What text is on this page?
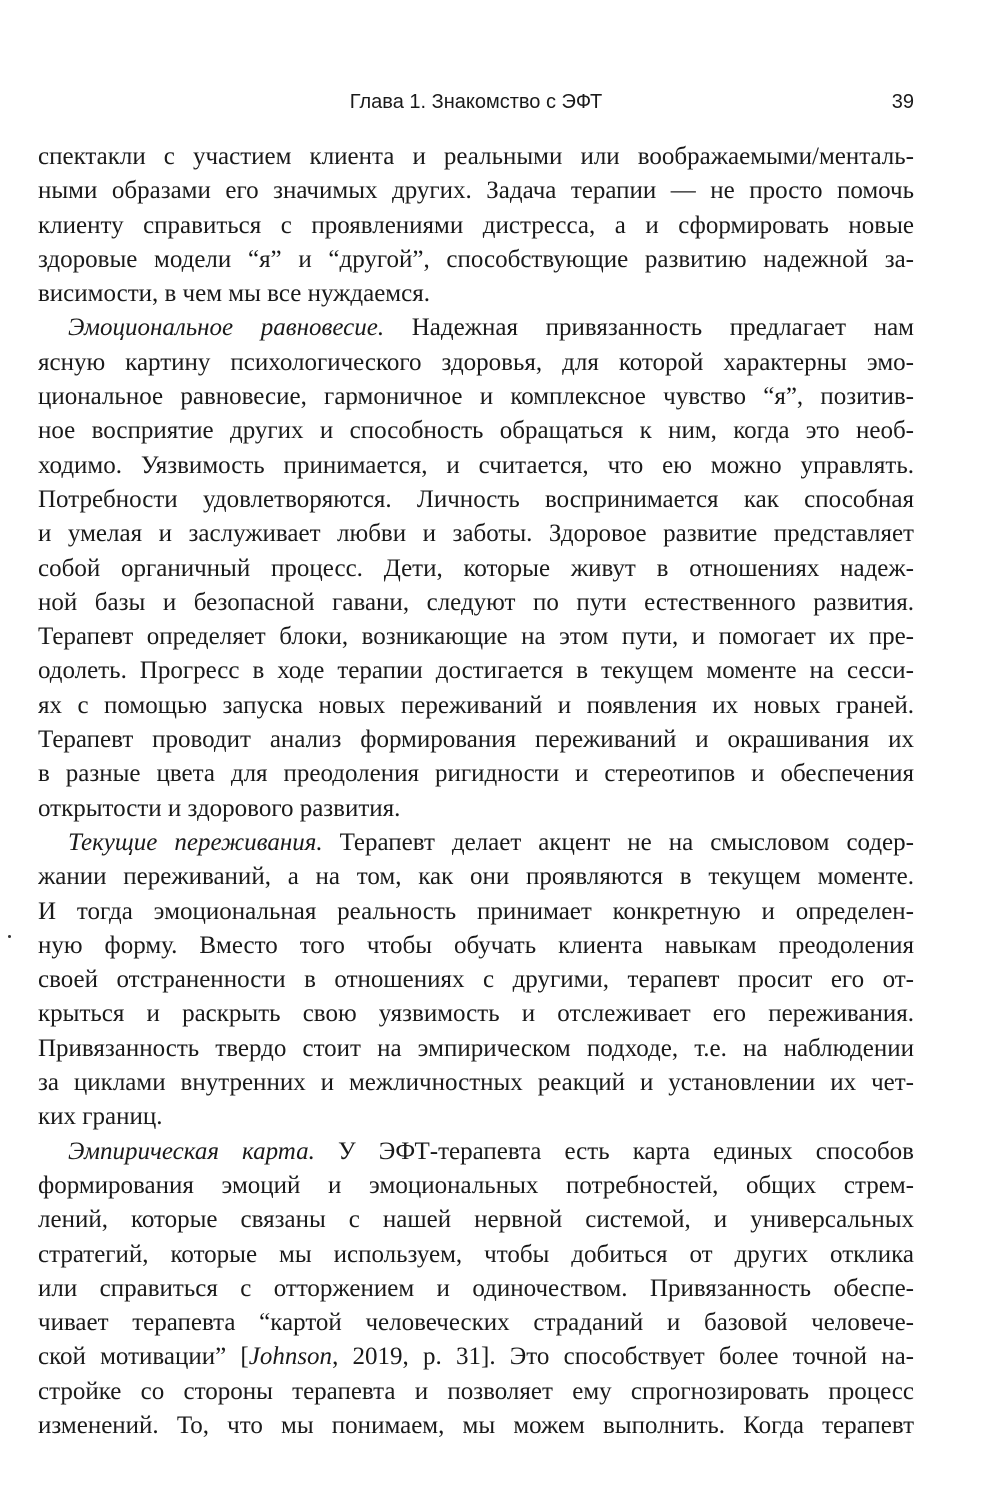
Глава 1. Знакомство с ЭФТ	39
спектакли с участием клиента и реальными или воображаемыми/менталь-
ными образами его значимых других. Задача терапии — не просто помочь
клиенту справиться с проявлениями дистресса, а и сформировать новые
здоровые модели “я” и “другой”, способствующие развитию надежной за-
висимости, в чем мы все нуждаемся.
Эмоциональное равновесие. Надежная привязанность предлагает нам
ясную картину психологического здоровья, для которой характерны эмо-
циональное равновесие, гармоничное и комплексное чувство “я”, позитив-
ное восприятие других и способность обращаться к ним, когда это необ-
ходимо. Уязвимость принимается, и считается, что ею можно управлять.
Потребности удовлетворяются. Личность воспринимается как способная
и умелая и заслуживает любви и заботы. Здоровое развитие представляет
собой органичный процесс. Дети, которые живут в отношениях надеж-
ной базы и безопасной гавани, следуют по пути естественного развития.
Терапевт определяет блоки, возникающие на этом пути, и помогает их пре-
одолеть. Прогресс в ходе терапии достигается в текущем моменте на сесси-
ях с помощью запуска новых переживаний и появления их новых граней.
Терапевт проводит анализ формирования переживаний и окрашивания их
в разные цвета для преодоления ригидности и стереотипов и обеспечения
открытости и здорового развития.
Текущие переживания. Терапевт делает акцент не на смысловом содер-
жании переживаний, а на том, как они проявляются в текущем моменте.
И тогда эмоциональная реальность принимает конкретную и определен-
ную форму. Вместо того чтобы обучать клиента навыкам преодоления
своей отстраненности в отношениях с другими, терапевт просит его от-
крыться и раскрыть свою уязвимость и отслеживает его переживания.
Привязанность твердо стоит на эмпирическом подходе, т.е. на наблюдении
за циклами внутренних и межличностных реакций и установлении их чет-
ких границ.
Эмпирическая карта. У ЭФТ-терапевта есть карта единых способов
формирования эмоций и эмоциональных потребностей, общих стрем-
лений, которые связаны с нашей нервной системой, и универсальных
стратегий, которые мы используем, чтобы добиться от других отклика
или справиться с отторжением и одиночеством. Привязанность обеспе-
чивает терапевта “картой человеческих страданий и базовой человече-
ской мотивации” [Johnson, 2019, p. 31]. Это способствует более точной на-
стройке со стороны терапевта и позволяет ему спрогнозировать процесс
изменений. То, что мы понимаем, мы можем выполнить. Когда терапевт
